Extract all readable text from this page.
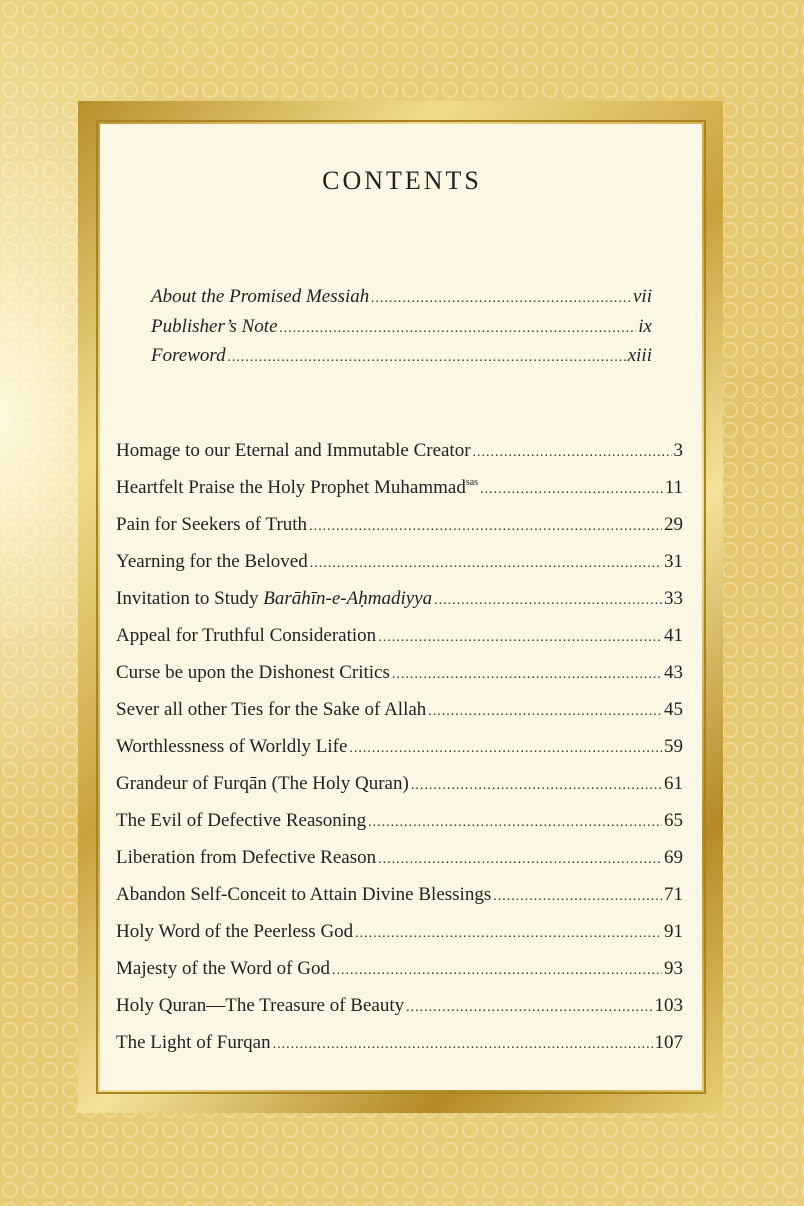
CONTENTS
About the Promised Messiah .....	vii
Publisher’s Note .....	ix
Foreword .....	xiii
Homage to our Eternal and Immutable Creator .....	3
Heartfelt Praise the Holy Prophet Muhammad$^{sas}$ .....	11
Pain for Seekers of Truth .....	29
Yearning for the Beloved .....	31
Invitation to Study Barāhīn-e-Aḥmadiyya .....	33
Appeal for Truthful Consideration .....	41
Curse be upon the Dishonest Critics .....	43
Sever all other Ties for the Sake of Allah .....	45
Worthlessness of Worldly Life .....	59
Grandeur of Furqān (The Holy Quran) .....	61
The Evil of Defective Reasoning .....	65
Liberation from Defective Reason .....	69
Abandon Self-Conceit to Attain Divine Blessings .....	71
Holy Word of the Peerless God .....	91
Majesty of the Word of God .....	93
Holy Quran—The Treasure of Beauty .....	103
The Light of Furqan .....	107
